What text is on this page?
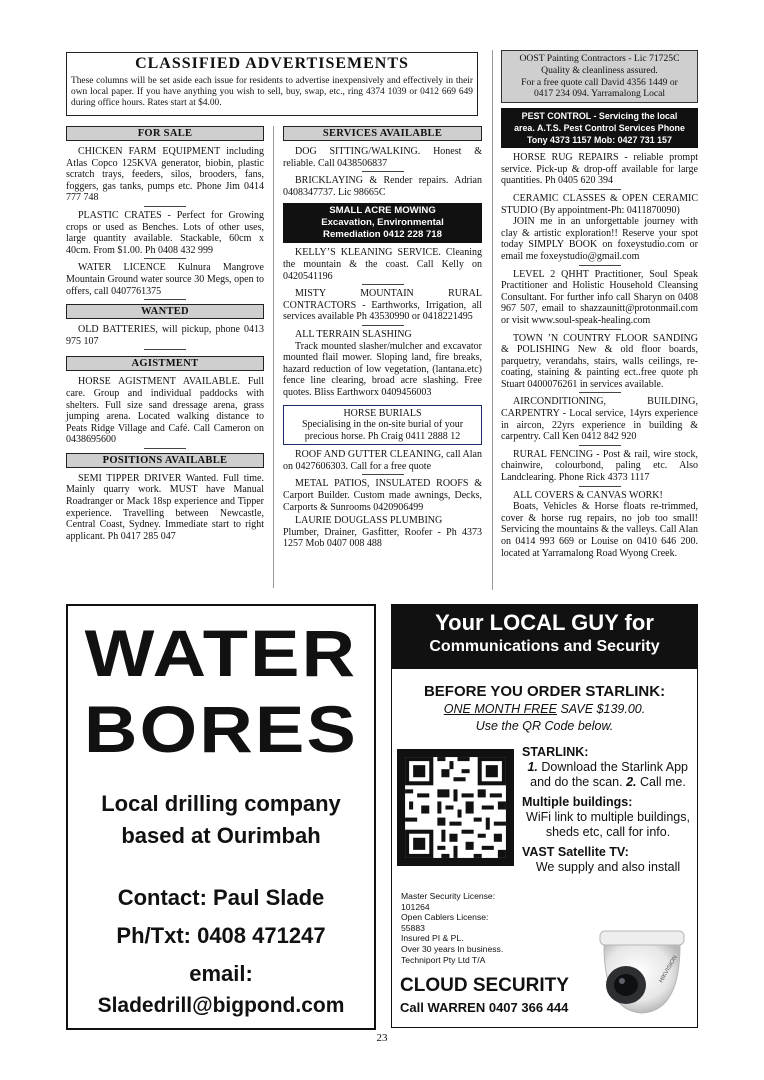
CLASSIFIED ADVERTISEMENTS

These columns will be set aside each issue for residents to advertise inexpensively and effectively in their own local paper. If you have anything you wish to sell, buy, swap, etc., ring 4374 1039 or 0412 669 649 during office hours. Rates start at $4.00.

FOR SALE

CHICKEN FARM EQUIPMENT including Atlas Copco 125KVA generator, biobin, plastic scratch trays, feeders, silos, brooders, fans, foggers, gas tanks, pumps etc. Phone Jim 0414 777 748

PLASTIC CRATES - Perfect for Growing crops or used as Benches. Lots of other uses, large quantity available. Stackable, 60cm x 40cm. From $1.00. Ph 0408 432 999

WATER LICENCE Kulnura Mangrove Mountain Ground water source 30 Megs, open to offers, call 0407761375

WANTED

OLD BATTERIES, will pickup, phone 0413 975 107

AGISTMENT

HORSE AGISTMENT AVAILABLE. Full care. Group and individual paddocks with shelters. Full size sand dressage arena, grass jumping arena. Located walking distance to Peats Ridge Village and Café. Call Cameron on 0438695600

POSITIONS AVAILABLE

SEMI TIPPER DRIVER Wanted. Full time. Mainly quarry work. MUST have Manual Roadranger or Mack 18sp experience and Tipper experience. Travelling between Newcastle, Central Coast, Sydney. Immediate start to right applicant. Ph 0417 285 047

SERVICES AVAILABLE

DOG SITTING/WALKING. Honest & reliable. Call 0438506837

BRICKLAYING & Render repairs. Adrian 0408347737. Lic 98665C

SMALL ACRE MOWING
Excavation, Environmental
Remediation 0412 228 718

KELLY’S KLEANING SERVICE. Cleaning the mountain & the coast. Call Kelly on 0420541196

MISTY MOUNTAIN RURAL CONTRACTORS - Earthworks, Irrigation, all services available Ph 43530990 or 0418221495

ALL TERRAIN SLASHING

Track mounted slasher/mulcher and excavator mounted flail mower. Sloping land, fire breaks, hazard reduction of low vegetation, (lantana.etc) fence line clearing, broad acre slashing. Free quotes. Bliss Earthworx 0409456003

HORSE BURIALS
Specialising in the on-site burial of your precious horse. Ph Craig 0411 2888 12

ROOF AND GUTTER CLEANING, call Alan on 0427606303. Call for a free quote

METAL PATIOS, INSULATED ROOFS & Carport Builder. Custom made awnings, Decks, Carports & Sunrooms 0420906499

LAURIE DOUGLASS PLUMBING

Plumber, Drainer, Gasfitter, Roofer - Ph 4373 1257 Mob 0407 008 488

OOST Painting Contractors - Lic 71725C
Quality & cleanliness assured.
For a free quote call David 4356 1449 or
0417 234 094. Yarramalong Local
PEST CONTROL - Servicing the local
area. A.T.S. Pest Control Services Phone
Tony 4373 1157 Mob: 0427 731 157

HORSE RUG REPAIRS - reliable prompt service. Pick-up & drop-off available for large quantities. Ph 0405 620 394

CERAMIC CLASSES & OPEN CERAMIC STUDIO (By appointment-Ph: 0411870090)

JOIN me in an unforgettable journey with clay & artistic exploration!! Reserve your spot today SIMPLY BOOK on foxeystudio.com or email me foxeystudio@gmail.com

LEVEL 2 QHHT Practitioner, Soul Speak Practitioner and Holistic Household Cleansing Consultant. For further info call Sharyn on 0408 967 507, email to shazzaunitt@protonmail.com or visit www.soul-speak-healing.com

TOWN ’N COUNTRY FLOOR SANDING & POLISHING New & old floor boards, parquetry, verandahs, stairs, walls ceilings, re-coating, staining & painting ect..free quote ph Stuart 0400076261 in services available.

AIRCONDITIONING, BUILDING, CARPENTRY - Local service, 14yrs experience in aircon, 22yrs experience in building & carpentry. Call Ken 0412 842 920

RURAL FENCING - Post & rail, wire stock, chainwire, colourbond, paling etc. Also Landclearing. Phone Rick 4373 1117

ALL COVERS & CANVAS WORK!

Boats, Vehicles & Horse floats re-trimmed, cover & horse rug repairs, no job too small! Servicing the mountains & the valleys. Call Alan on 0414 993 669 or Louise on 0410 646 200. located at Yarramalong Road Wyong Creek.

WATER
BORES
Local drilling company
based at Ourimbah
Contact: Paul Slade
Ph/Txt: 0408 471247
email:
Sladedrill@bigpond.com
Your LOCAL GUY for
Communications and Security
BEFORE YOU ORDER STARLINK:
ONE MONTH FREE SAVE $139.00.
Use the QR Code below.
STARLINK:
1. Download the Starlink App
and do the scan. 2. Call me.
Multiple buildings:
WiFi link to multiple buildings,
sheds etc, call for info.
VAST Satellite TV:
We supply and also install
Master Security License:
101264
Open Cablers License:
55883
Insured PI & PL.
Over 30 years In business.
Techniport Pty Ltd T/A	HIKVISION
CLOUD SECURITY
Call WARREN 0407 366 444
23
